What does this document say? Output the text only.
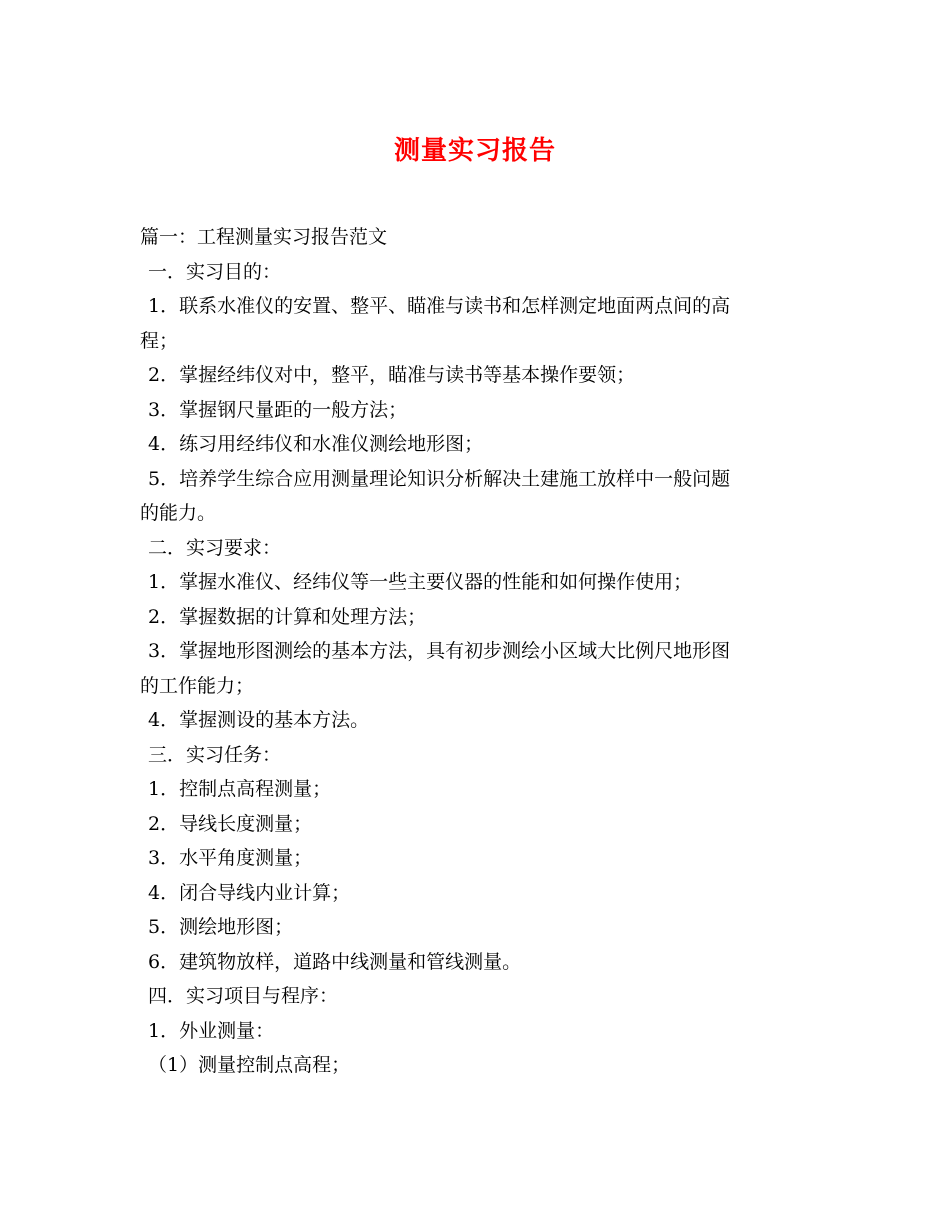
测量实习报告
篇一：工程测量实习报告范文
一．实习目的：
1．联系水准仪的安置、整平、瞄准与读书和怎样测定地面两点间的高
程；
2．掌握经纬仪对中，整平，瞄准与读书等基本操作要领；
3．掌握钢尺量距的一般方法；
4．练习用经纬仪和水准仪测绘地形图；
5．培养学生综合应用测量理论知识分析解决土建施工放样中一般问题
的能力。
二．实习要求：
1．掌握水准仪、经纬仪等一些主要仪器的性能和如何操作使用；
2．掌握数据的计算和处理方法；
3．掌握地形图测绘的基本方法，具有初步测绘小区域大比例尺地形图
的工作能力；
4．掌握测设的基本方法。
三．实习任务：
1．控制点高程测量；
2．导线长度测量；
3．水平角度测量；
4．闭合导线内业计算；
5．测绘地形图；
6．建筑物放样，道路中线测量和管线测量。
四．实习项目与程序：
1．外业测量：
（1）测量控制点高程；
